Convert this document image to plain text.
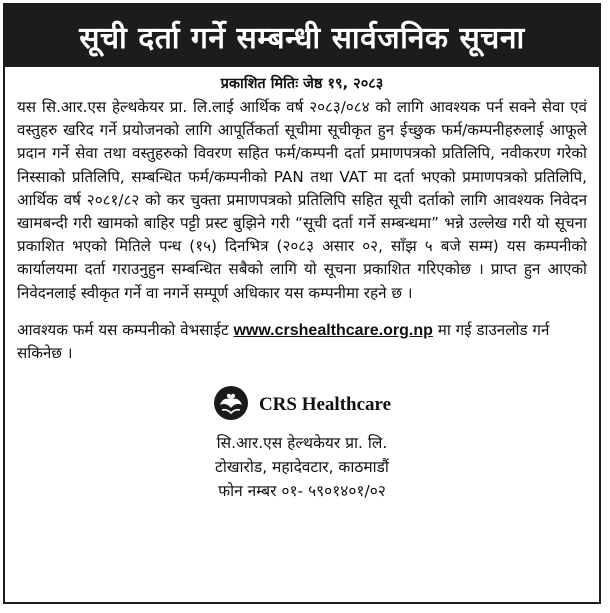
सूची दर्ता गर्ने सम्बन्धी सार्वजनिक सूचना
प्रकाशित मितिः जेष्ठ १९, २०८३
यस सि.आर.एस हेल्थकेयर प्रा. लि.लाई आर्थिक वर्ष २०८३/०८४ को लागि आवश्यक पर्न सक्ने सेवा एवं वस्तुहरु खरिद गर्ने प्रयोजनको लागि आपूर्तिकर्ता सूचीमा सूचीकृत हुन ईच्छुक फर्म/कम्पनीहरुलाई आफूले प्रदान गर्ने सेवा तथा वस्तुहरुको विवरण सहित फर्म/कम्पनी दर्ता प्रमाणपत्रको प्रतिलिपि, नवीकरण गरेको निस्साको प्रतिलिपि, सम्बन्धित फर्म/कम्पनीको PAN तथा VAT मा दर्ता भएको प्रमाणपत्रको प्रतिलिपि, आर्थिक वर्ष २०८१/८२ को कर चुक्ता प्रमाणपत्रको प्रतिलिपि सहित सूची दर्ताको लागि आवश्यक निवेदन खामबन्दी गरी खामको बाहिर पट्टी प्रस्ट बुझिने गरी “सूची दर्ता गर्ने सम्बन्धमा” भन्ने उल्लेख गरी यो सूचना प्रकाशित भएको मितिले पन्ध (१५) दिनभित्र (२०८३ असार ०२, साँझ ५ बजे सम्म) यस कम्पनीको कार्यालयमा दर्ता गराउनुहुन सम्बन्धित सबैको लागि यो सूचना प्रकाशित गरिएकोछ । प्राप्त हुन आएको निवेदनलाई स्वीकृत गर्ने वा नगर्ने सम्पूर्ण अधिकार यस कम्पनीमा रहने छ ।
आवश्यक फर्म यस कम्पनीको वेभसाईट www.crshealthcare.org.np मा गई डाउनलोड गर्न सकिनेछ ।
CRS Healthcare
सि.आर.एस हेल्थकेयर प्रा. लि.
टोखारोड, महादेवटार, काठमाडौं
फोन नम्बर ०१- ५९०१४०१/०२
